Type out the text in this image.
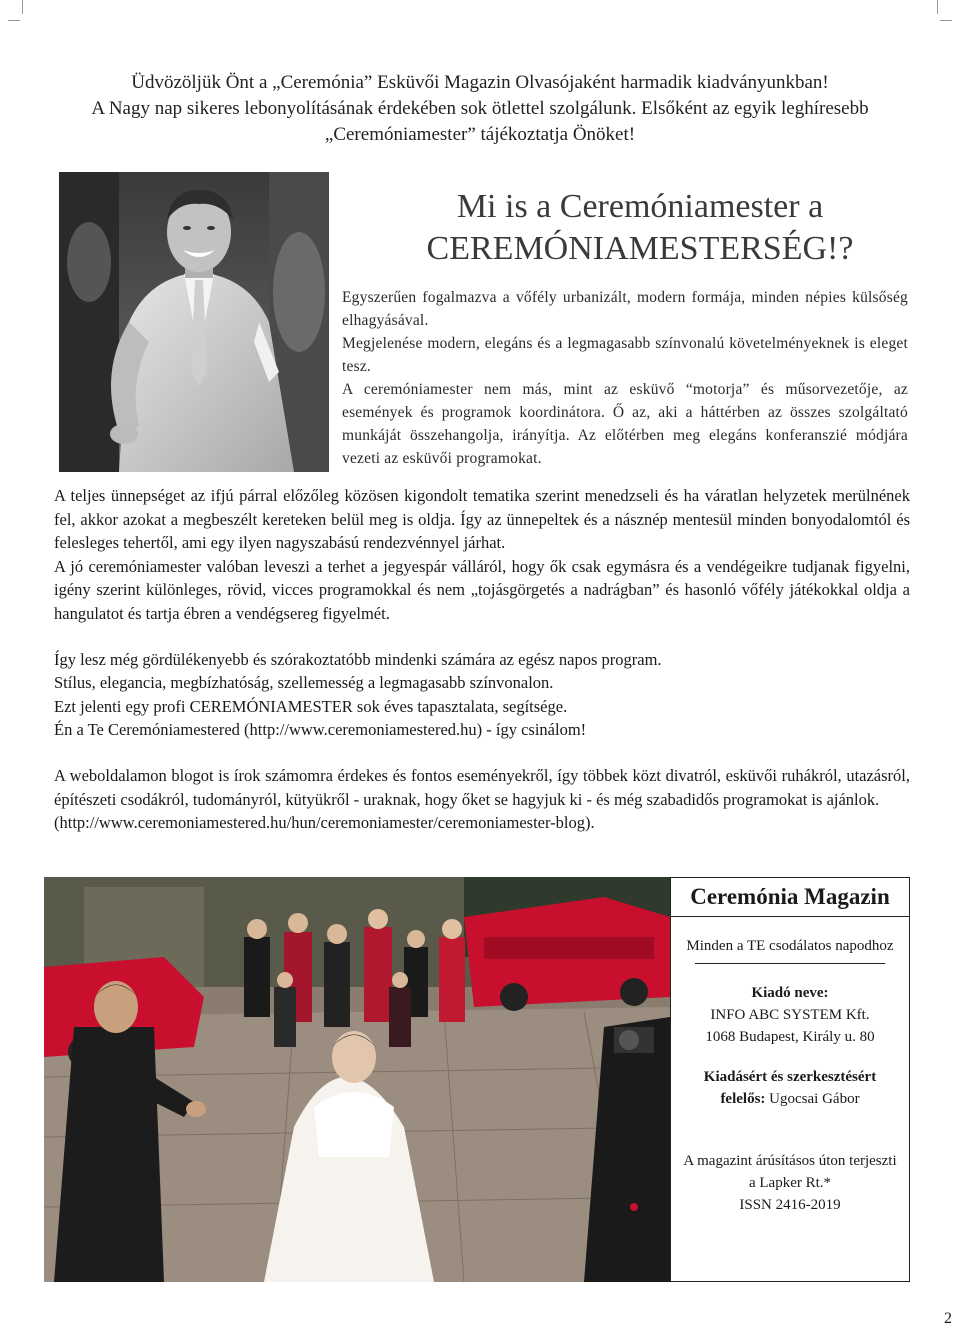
Üdvözöljük Önt a „Ceremónia” Esküvői Magazin Olvasójaként harmadik kiadványunkban!

A Nagy nap sikeres lebonyolításának érdekében sok ötlettel szolgálunk. Elsőként az egyik leghíresebb

„Ceremóniamester” tájékoztatja Önöket!

Mi is a Ceremóniamester a
CEREMÓNIAMESTERSÉG!?

Egyszerűen fogalmazva a vőfély urbanizált, modern formája, minden népies külsőség elhagyásával.

Megjelenése modern, elegáns és a legmagasabb színvonalú követelményeknek is eleget tesz.

A ceremóniamester nem más, mint az esküvő “motorja” és műsorvezetője, az események és programok koordinátora. Ő az, aki a háttérben az összes szolgáltató munkáját összehangolja, irányítja. Az előtérben meg elegáns konferanszié módjára vezeti az esküvői programokat.

A teljes ünnepséget az ifjú párral előzőleg közösen kigondolt tematika szerint menedzseli és ha váratlan helyzetek merülnének fel, akkor azokat a megbeszélt kereteken belül meg is oldja. Így az ünnepeltek és a násznép mentesül minden bonyodalomtól és felesleges tehertől, ami egy ilyen nagyszabású rendezvénnyel járhat.

A jó ceremóniamester valóban leveszi a terhet a jegyespár válláról, hogy ők csak egymásra és a vendégeikre tudjanak figyelni, igény szerint különleges, rövid, vicces programokkal és nem „tojásgörgetés a nadrágban” és hasonló vőfély játékokkal oldja a hangulatot és tartja ébren a vendégsereg figyelmét.

Így lesz még gördülékenyebb és szórakoztatóbb mindenki számára az egész napos program.

Stílus, elegancia, megbízhatóság, szellemesség a legmagasabb színvonalon.

Ezt jelenti egy profi CEREMÓNIAMESTER sok éves tapasztalata, segítsége.

Én a Te Ceremóniamestered (http://www.ceremoniamestered.hu) - így csinálom!

A weboldalamon blogot is írok számomra érdekes és fontos eseményekről, így többek közt divatról, esküvői ruhákról, utazásról, építészeti csodákról, tudományról, kütyükről - uraknak, hogy őket se hagyjuk ki - és még szabadidős programokat is ajánlok.

(http://www.ceremoniamestered.hu/hun/ceremoniamester/ceremoniamester-blog).

Ceremónia Magazin

Minden a TE csodálatos napodhoz
Kiadó neve:
INFO ABC SYSTEM Kft.
1068 Budapest, Király u. 80
Kiadásért és szerkesztésért felelős: Ugocsai Gábor
A magazint árúsításos úton terjeszti a Lapker Rt.*
ISSN 2416-2019
2
